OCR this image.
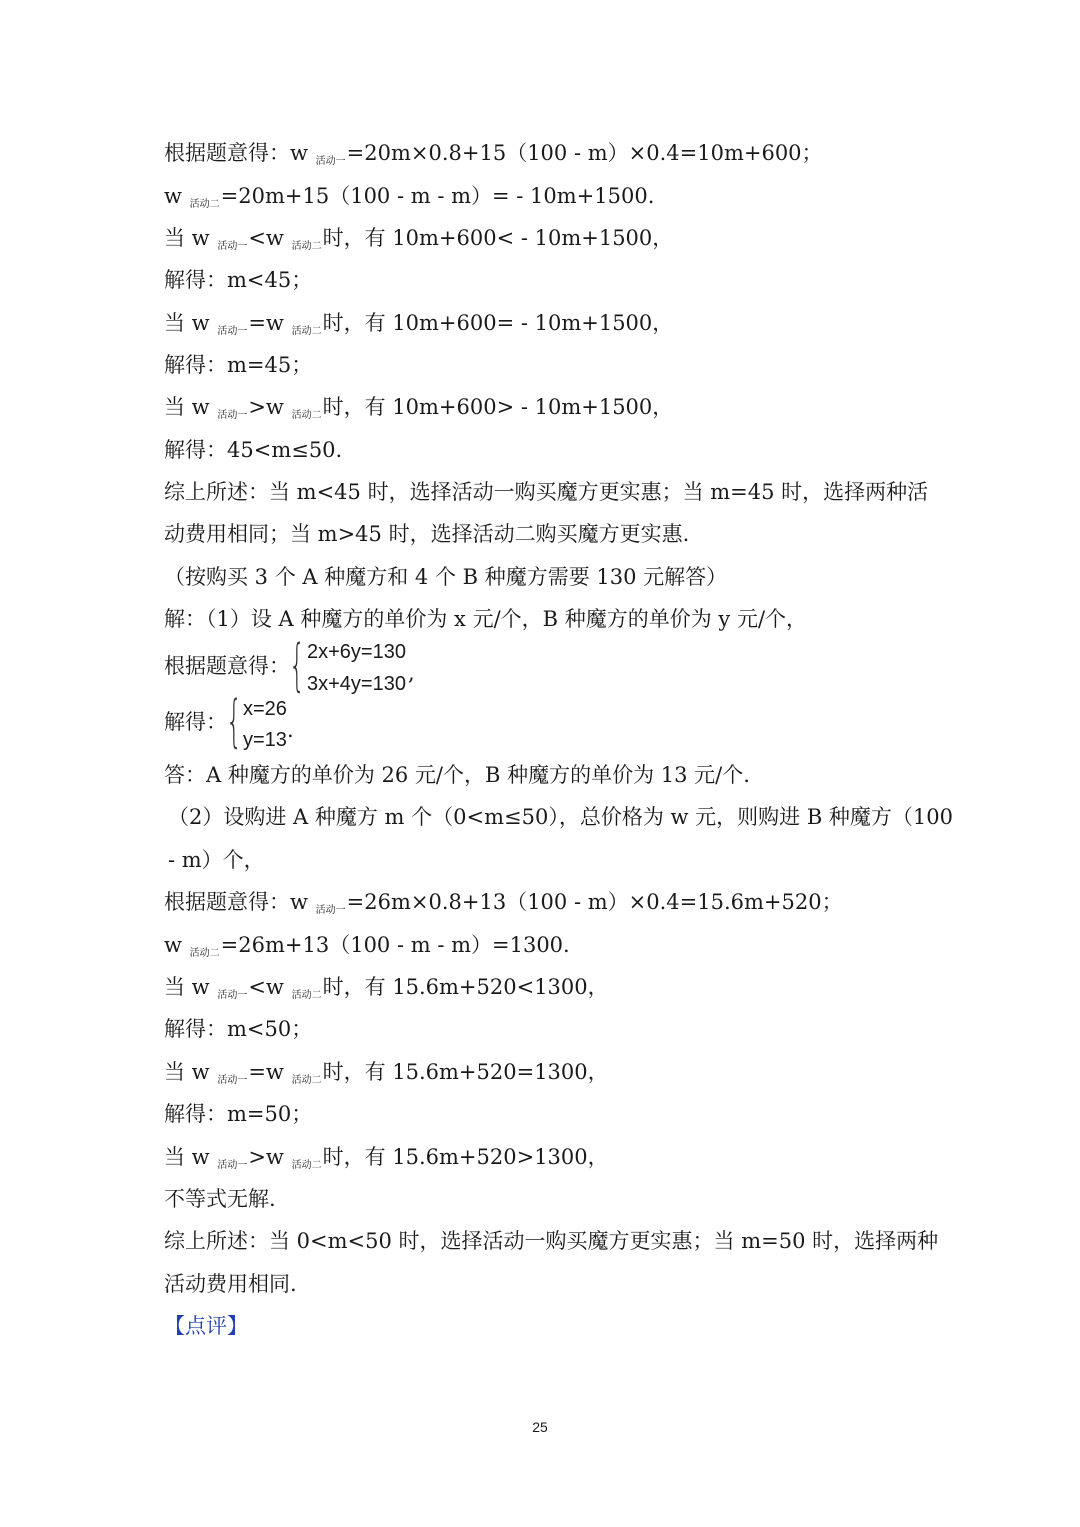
根据题意得：w $_{活动一}$=20m×0.8+15（100 - m）×0.4=10m+600；
w $_{活动二}$=20m+15（100 - m - m）= - 10m+1500.
当 w $_{活动一}$<w $_{活动二}$时，有 10m+600< - 10m+1500，
解得：m<45；
当 w $_{活动一}$=w $_{活动二}$时，有 10m+600= - 10m+1500，
解得：m=45；
当 w $_{活动一}$>w $_{活动二}$时，有 10m+600> - 10m+1500，
解得：45<m≤50.
综上所述：当 m<45 时，选择活动一购买魔方更实惠；当 m=45 时，选择两种活
动费用相同；当 m>45 时，选择活动二购买魔方更实惠.
（按购买 3 个 A 种魔方和 4 个 B 种魔方需要 130 元解答）
解：（1）设 A 种魔方的单价为 x 元/个，B 种魔方的单价为 y 元/个，
根据题意得： { 2x+6y=130
3x+4y=130 ,
解得： { x=26
y=13 .
答：A 种魔方的单价为 26 元/个，B 种魔方的单价为 13 元/个.
（2）设购进 A 种魔方 m 个（0<m≤50），总价格为 w 元，则购进 B 种魔方（100
- m）个，
根据题意得：w $_{活动一}$=26m×0.8+13（100 - m）×0.4=15.6m+520；
w $_{活动二}$=26m+13（100 - m - m）=1300.
当 w $_{活动一}$<w $_{活动二}$时，有 15.6m+520<1300，
解得：m<50；
当 w $_{活动一}$=w $_{活动二}$时，有 15.6m+520=1300，
解得：m=50；
当 w $_{活动一}$>w $_{活动二}$时，有 15.6m+520>1300，
不等式无解.
综上所述：当 0<m<50 时，选择活动一购买魔方更实惠；当 m=50 时，选择两种
活动费用相同.
【点评】
25
